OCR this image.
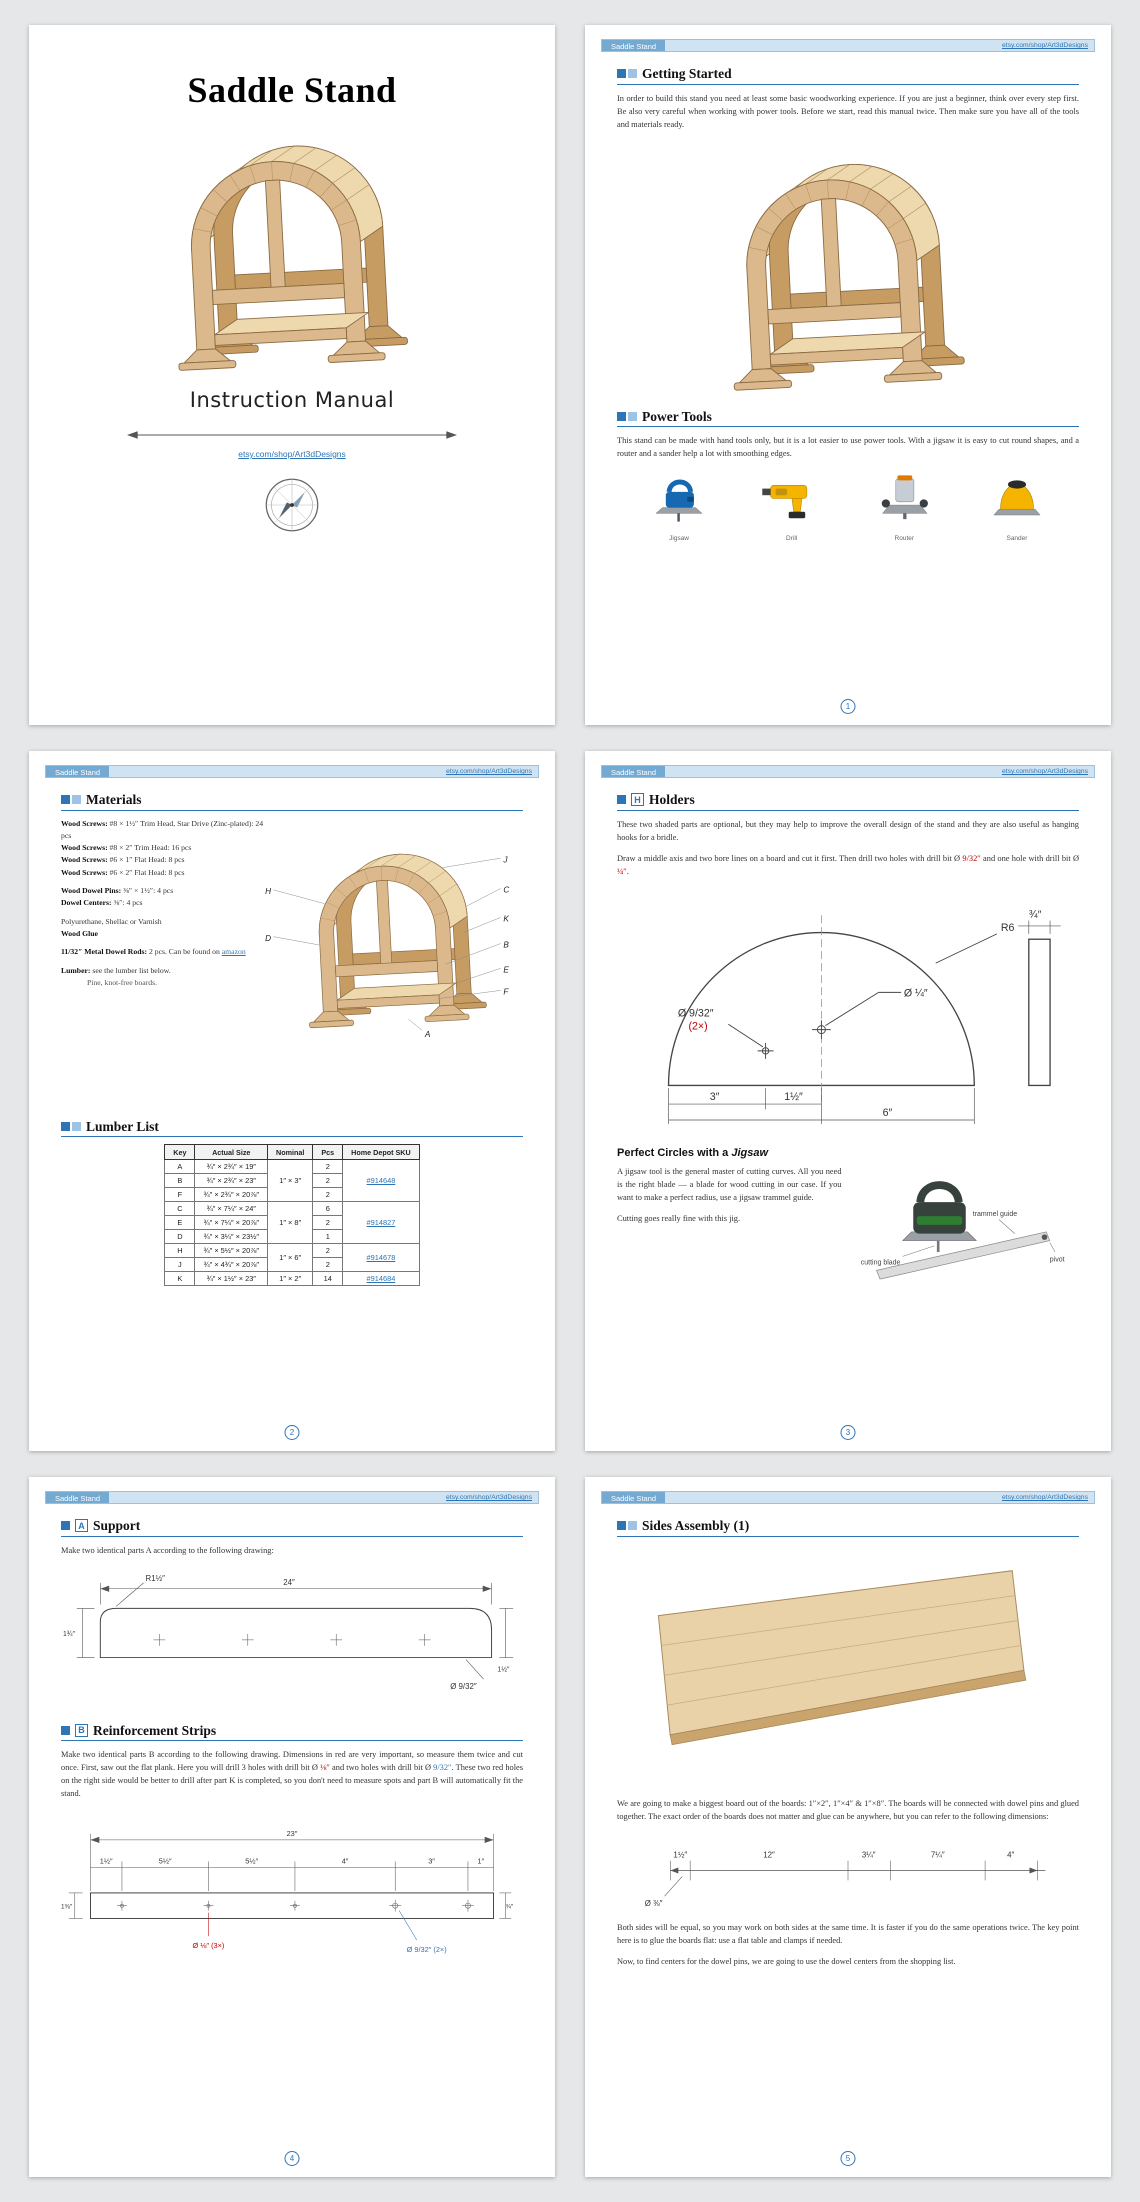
Saddle Stand
Instruction Manual
etsy.com/shop/Art3dDesigns
Saddle Stand	etsy.com/shop/Art3dDesigns
Getting Started

In order to build this stand you need at least some basic woodworking experience. If you are just a beginner, think over every step first. Be also very careful when working with power tools. Before we start, read this manual twice. Then make sure you have all of the tools and materials ready.

Power Tools

This stand can be made with hand tools only, but it is a lot easier to use power tools. With a jigsaw it is easy to cut round shapes, and a router and a sander help a lot with smoothing edges.

Jigsaw	Drill	Router	Sander
1
Saddle Stand	etsy.com/shop/Art3dDesigns
Materials
Wood Screws: #8 × 1½″ Trim Head, Star Drive (Zinc-plated): 24 pcs
Wood Screws: #8 × 2″ Trim Head: 16 pcs
Wood Screws: #6 × 1″ Flat Head: 8 pcs
Wood Screws: #6 × 2″ Flat Head: 8 pcs
Wood Dowel Pins: ⅜″ × 1½″: 4 pcs
Dowel Centers: ⅜″: 4 pcs
Polyurethane, Shellac or Varnish
Wood Glue
11/32″ Metal Dowel Rods: 2 pcs. Can be found on amazon
Lumber: see the lumber list below.
Pine, knot-free boards.
J
C
K
B
E
F
A
D
H
Lumber List
Key	Actual Size	Nominal	Pcs	Home Depot SKU
A	¾″ × 2¾″ × 19″	1″ × 3″	2	#914648
B	¾″ × 2¾″ × 23″		2	
F	¾″ × 2¾″ × 20⅞″		2	
C	¾″ × 7¼″ × 24″	1″ × 8″	6	#914827
E	¾″ × 7¼″ × 20⅞″		2	
D	¾″ × 3¼″ × 23½″		1	
H	¾″ × 5½″ × 20⅞″	1″ × 6″	2	#914678
J	¾″ × 4¾″ × 20⅞″		2	
K	¾″ × 1½″ × 23″	1″ × 2″	14	#914684
2
Saddle Stand	etsy.com/shop/Art3dDesigns
H Holders

These two shaded parts are optional, but they may help to improve the overall design of the stand and they are also useful as hanging hooks for a bridle.

Draw a middle axis and two bore lines on a board and cut it first. Then drill two holes with drill bit Ø 9/32″ and one hole with drill bit Ø ¼″.

Ø ¼″
Ø 9/32″
(2×)
R6
1½″
3″
6″
¾″
Perfect Circles with a Jigsaw

A jigsaw tool is the general master of cutting curves. All you need is the right blade — a blade for wood cutting in our case. If you want to make a perfect radius, use a jigsaw trammel guide.

Cutting goes really fine with this jig.	trammel guide
pivot
cutting blade
3
Saddle Stand	etsy.com/shop/Art3dDesigns
A Support

Make two identical parts A according to the following drawing:

24″
1¾″
R1½″
1½″
Ø 9/32″
B Reinforcement Strips

Make two identical parts B according to the following drawing. Dimensions in red are very important, so measure them twice and cut once. First, saw out the flat plank. Here you will drill 3 holes with drill bit Ø ⅛″ and two holes with drill bit Ø 9/32″. These two red holes on the right side would be better to drill after part K is completed, so you don't need to measure spots and part B will automatically fit the stand.

23″
1½″	5½″	5½″	4″	3″	1″
Ø ⅛″ (3×)	Ø 9/32″ (2×)
1⅜″	¾″
4
Saddle Stand	etsy.com/shop/Art3dDesigns
Sides Assembly (1)

We are going to make a biggest board out of the boards: 1″×2″, 1″×4″ & 1″×8″. The boards will be connected with dowel pins and glued together. The exact order of the boards does not matter and glue can be anywhere, but you can refer to the following dimensions:

1½″	12″	3¼″	7¼″	4″
Ø ⅜″

Both sides will be equal, so you may work on both sides at the same time. It is faster if you do the same operations twice. The key point here is to glue the boards flat: use a flat table and clamps if needed.

Now, to find centers for the dowel pins, we are going to use the dowel centers from the shopping list.

5
